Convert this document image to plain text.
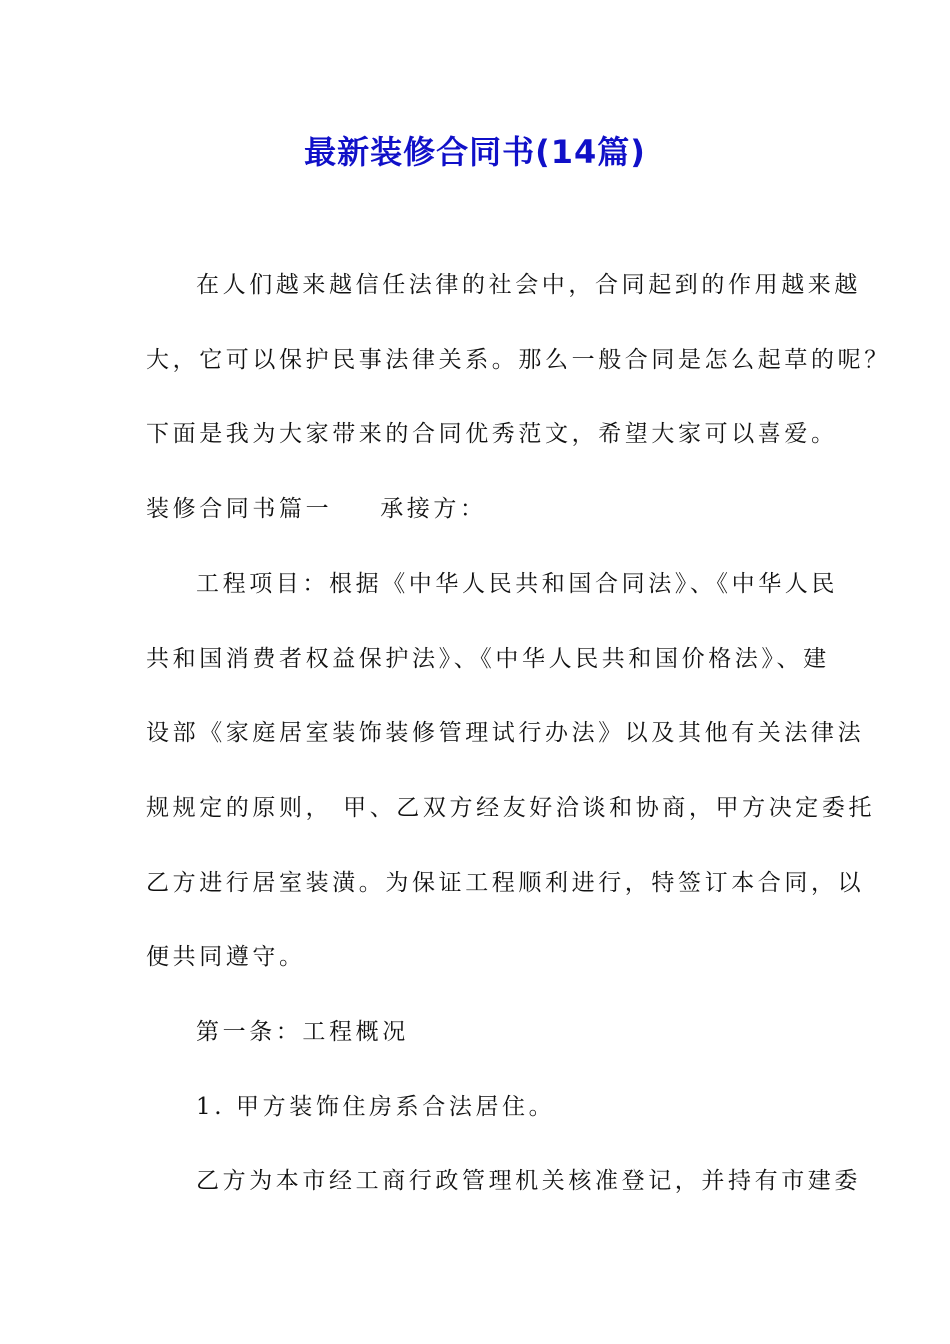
最新装修合同书(14篇)
在人们越来越信任法律的社会中，合同起到的作用越来越
大，它可以保护民事法律关系。那么一般合同是怎么起草的呢？
下面是我为大家带来的合同优秀范文，希望大家可以喜爱。
装修合同书篇一 承接方：
工程项目：根据《中华人民共和国合同法》、《中华人民
共和国消费者权益保护法》、《中华人民共和国价格法》、建
设部《家庭居室装饰装修管理试行办法》以及其他有关法律法
规规定的原则， 甲、乙双方经友好洽谈和协商，甲方决定委托
乙方进行居室装潢。为保证工程顺利进行，特签订本合同，以
便共同遵守。
第一条：工程概况
1. 甲方装饰住房系合法居住。
乙方为本市经工商行政管理机关核准登记，并持有市建委
